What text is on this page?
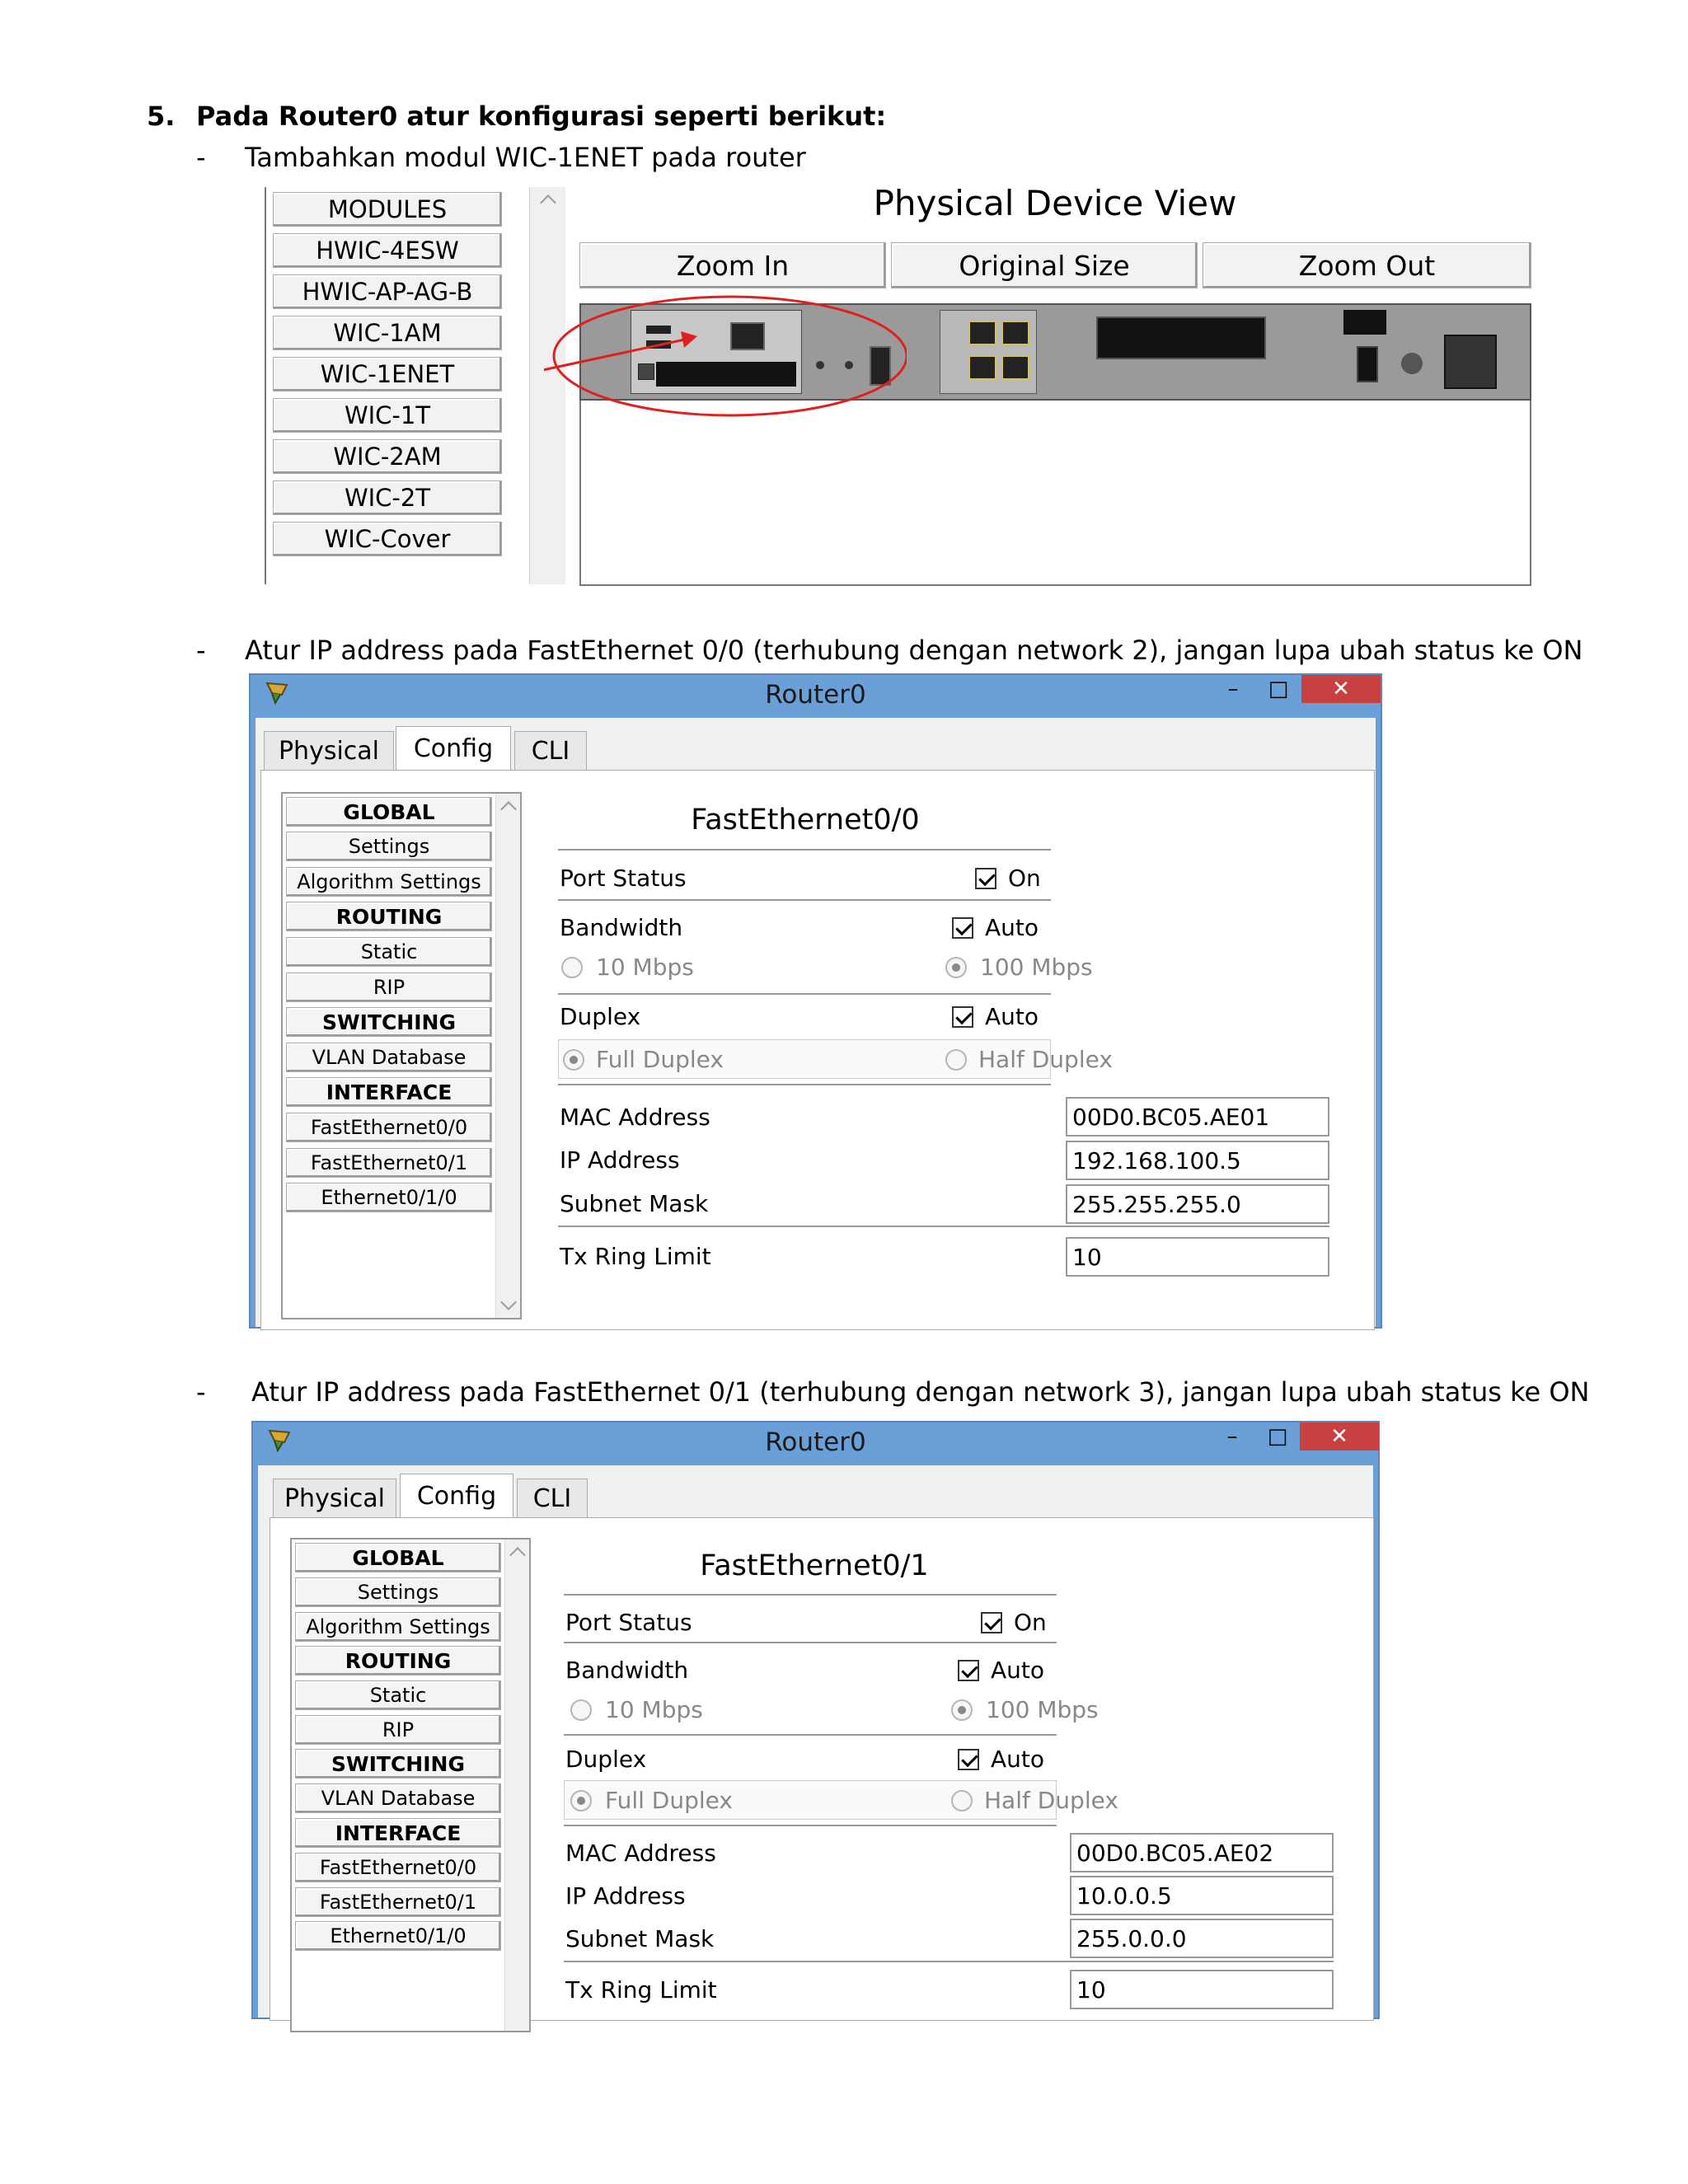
5. Pada Router0 atur konfigurasi seperti berikut:
- Tambahkan modul WIC-1ENET pada router
MODULES
HWIC-4ESW
HWIC-AP-AG-B
WIC-1AM
WIC-1ENET
WIC-1T
WIC-2AM
WIC-2T
WIC-Cover
Physical Device View
Zoom In	Original Size	Zoom Out
- Atur IP address pada FastEthernet 0/0 (terhubung dengan network 2), jangan lupa ubah status ke ON
Router0	–	□	✕
Physical	Config	CLI
GLOBAL
Settings
Algorithm Settings
ROUTING
Static
RIP
SWITCHING
VLAN Database
INTERFACE
FastEthernet0/0
FastEthernet0/1
Ethernet0/1/0
FastEthernet0/0
Port Status	On
Bandwidth	Auto
10 Mbps	100 Mbps
Duplex	Auto
Full Duplex	Half Duplex
MAC Address	00D0.BC05.AE01
IP Address	192.168.100.5
Subnet Mask	255.255.255.0
Tx Ring Limit	10
- Atur IP address pada FastEthernet 0/1 (terhubung dengan network 3), jangan lupa ubah status ke ON
Router0	–	□	✕
Physical	Config	CLI
GLOBAL
Settings
Algorithm Settings
ROUTING
Static
RIP
SWITCHING
VLAN Database
INTERFACE
FastEthernet0/0
FastEthernet0/1
Ethernet0/1/0
FastEthernet0/1
Port Status	On
Bandwidth	Auto
10 Mbps	100 Mbps
Duplex	Auto
Full Duplex	Half Duplex
MAC Address	00D0.BC05.AE02
IP Address	10.0.0.5
Subnet Mask	255.0.0.0
Tx Ring Limit	10
